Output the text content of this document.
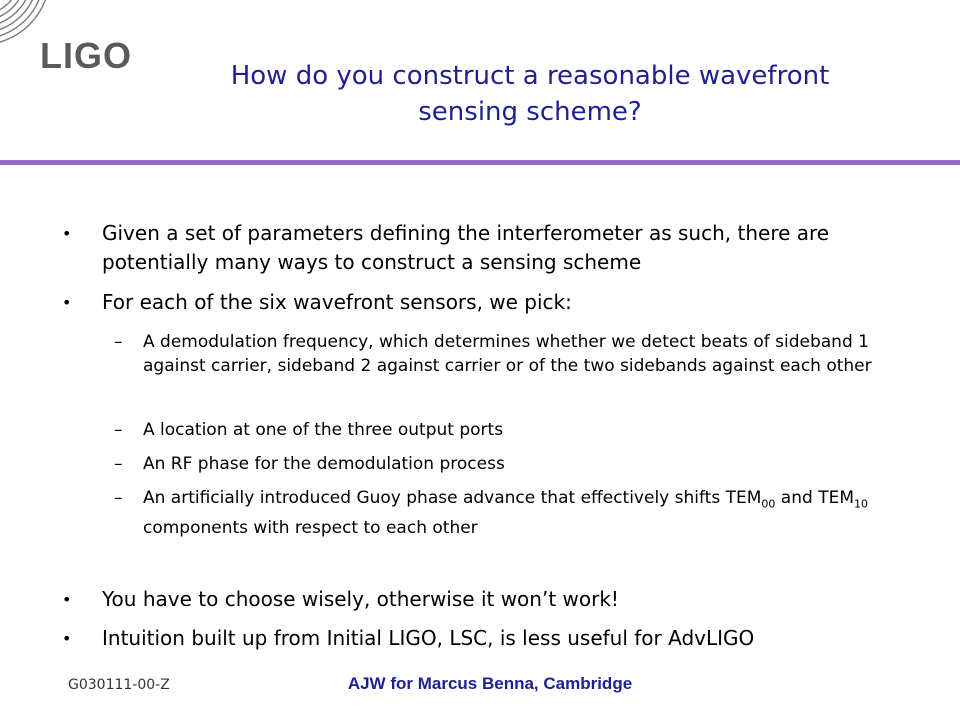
LIGO	How do you construct a reasonable wavefront sensing scheme?
• Given a set of parameters defining the interferometer as such, there are potentially many ways to construct a sensing scheme
• For each of the six wavefront sensors, we pick:
– A demodulation frequency, which determines whether we detect beats of sideband 1 against carrier, sideband 2 against carrier or of the two sidebands against each other
– A location at one of the three output ports
– An RF phase for the demodulation process
– An artificially introduced Guoy phase advance that effectively shifts $TEM_{00}$ and $TEM_{10}$ components with respect to each other
• You have to choose wisely, otherwise it won’t work!
• Intuition built up from Initial LIGO, LSC, is less useful for AdvLIGO
G030111-00-Z	AJW for Marcus Benna, Cambridge
